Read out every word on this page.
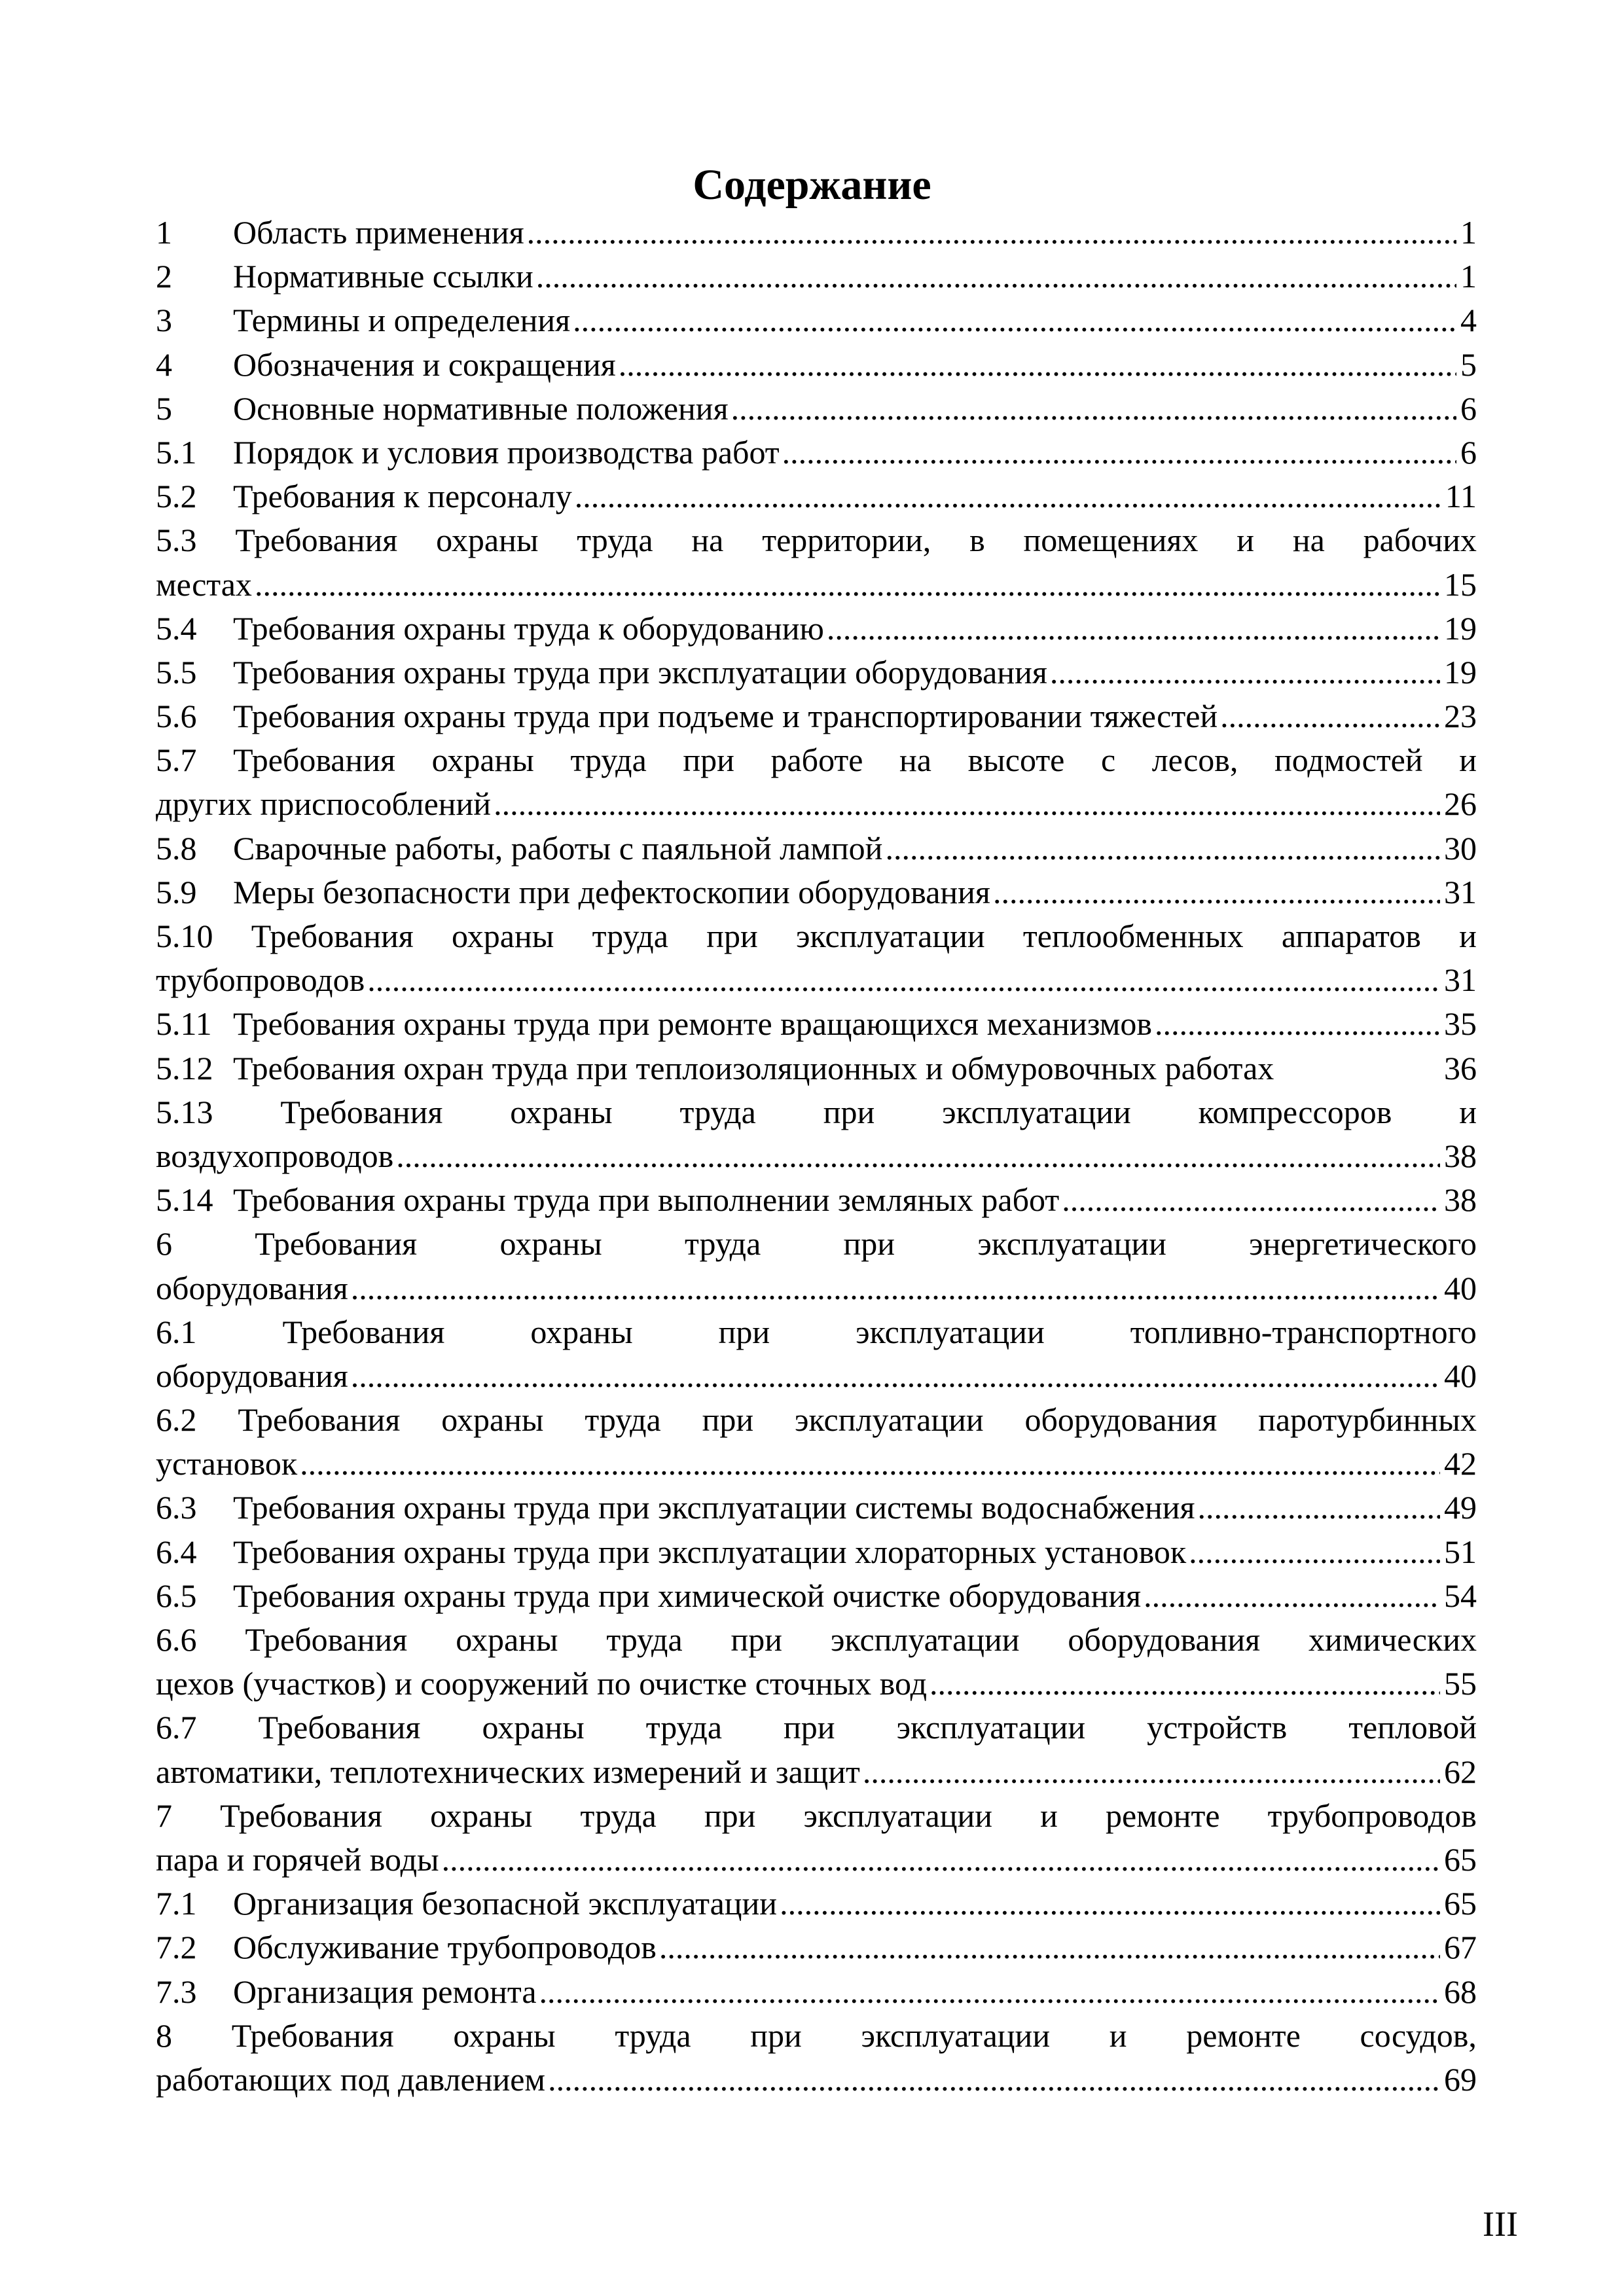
Содержание
1	Область применения .....	1
2	Нормативные ссылки .....	1
3	Термины и определения .....	4
4	Обозначения и сокращения .....	5
5	Основные нормативные положения .....	6
5.1	Порядок и условия производства работ .....	6
5.2	Требования к персоналу .....	11
5.3 Требования охраны труда на территории, в помещениях и на рабочих
местах .....	15
5.4	Требования охраны труда к оборудованию .....	19
5.5	Требования охраны труда при эксплуатации оборудования .....	19
5.6	Требования охраны труда при подъеме и транспортировании тяжестей .....	23
5.7 Требования охраны труда при работе на высоте с лесов, подмостей и
других приспособлений .....	26
5.8	Сварочные работы, работы с паяльной лампой .....	30
5.9	Меры безопасности при дефектоскопии оборудования .....	31
5.10 Требования охраны труда при эксплуатации теплообменных аппаратов и
трубопроводов .....	31
5.11 Требования охраны труда при ремонте вращающихся механизмов .....	35
5.12 Требования охран труда при теплоизоляционных и обмуровочных работах	36
5.13 Требования охраны труда при эксплуатации компрессоров и
воздухопроводов .....	38
5.14 Требования охраны труда при выполнении земляных работ .....	38
6	Требования	охраны	труда	при	эксплуатации	энергетического
оборудования .....	40
6.1	Требования	охраны	при	эксплуатации	топливно-транспортного
оборудования .....	40
6.2 Требования охраны труда при эксплуатации оборудования паротурбинных
установок .....	42
6.3	Требования охраны труда при эксплуатации системы водоснабжения .....	49
6.4	Требования охраны труда при эксплуатации хлораторных установок .....	51
6.5	Требования охраны труда при химической очистке оборудования .....	54
6.6 Требования охраны труда при эксплуатации оборудования химических
цехов (участков) и сооружений по очистке сточных вод .....	55
6.7 Требования охраны труда при эксплуатации устройств тепловой
автоматики, теплотехнических измерений и защит .....	62
7 Требования охраны труда при эксплуатации и ремонте трубопроводов
пара и горячей воды .....	65
7.1	Организация безопасной эксплуатации .....	65
7.2	Обслуживание трубопроводов .....	67
7.3	Организация ремонта .....	68
8 Требования охраны труда при эксплуатации и ремонте сосудов,
работающих под давлением .....	69
III
